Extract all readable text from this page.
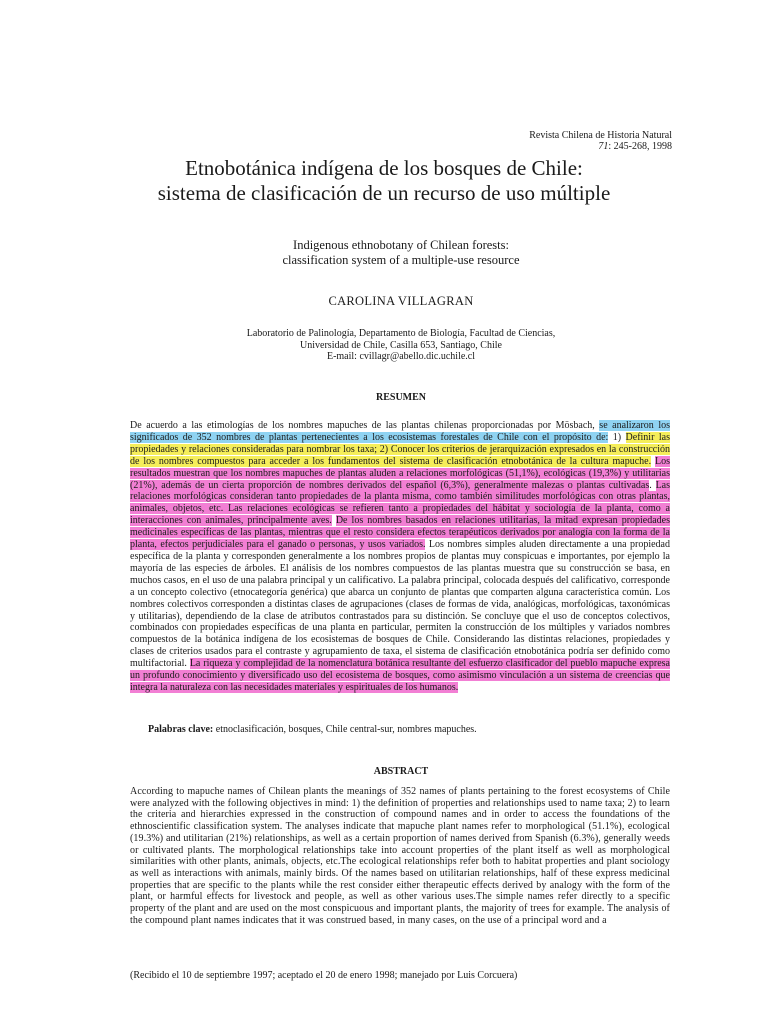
Revista Chilena de Historia Natural
71: 245-268, 1998
Etnobotánica indígena de los bosques de Chile:
sistema de clasificación de un recurso de uso múltiple
Indigenous ethnobotany of Chilean forests:
classification system of a multiple-use resource
CAROLINA VILLAGRAN
Laboratorio de Palinología, Departamento de Biología, Facultad de Ciencias,
Universidad de Chile, Casilla 653, Santiago, Chile
E-mail: cvillagr@abello.dic.uchile.cl
RESUMEN
De acuerdo a las etimologías de los nombres mapuches de las plantas chilenas proporcionadas por Mösbach, se analizaron los significados de 352 nombres de plantas pertenecientes a los ecosistemas forestales de Chile con el propósito de: 1) Definir las propiedades y relaciones consideradas para nombrar los taxa; 2) Conocer los criterios de jerarquización expresados en la construcción de los nombres compuestos para acceder a los fundamentos del sistema de clasificación etnobotánica de la cultura mapuche. Los resultados muestran que los nombres mapuches de plantas aluden a relaciones morfológicas (51,1%), ecológicas (19,3%) y utilitarias (21%), además de un cierta proporción de nombres derivados del español (6,3%), generalmente malezas o plantas cultivadas. Las relaciones morfológicas consideran tanto propiedades de la planta misma, como también similitudes morfológicas con otras plantas, animales, objetos, etc. Las relaciones ecológicas se refieren tanto a propiedades del hábitat y sociología de la planta, como a interacciones con animales, principalmente aves. De los nombres basados en relaciones utilitarias, la mitad expresan propiedades medicinales específicas de las plantas, mientras que el resto considera efectos terapéuticos derivados por analogía con la forma de la planta, efectos perjudiciales para el ganado o personas, y usos variados. Los nombres simples aluden directamente a una propiedad específica de la planta y corresponden generalmente a los nombres propios de plantas muy conspicuas e importantes, por ejemplo la mayoría de las especies de árboles. El análisis de los nombres compuestos de las plantas muestra que su construcción se basa, en muchos casos, en el uso de una palabra principal y un calificativo. La palabra principal, colocada después del calificativo, corresponde a un concepto colectivo (etnocategoría genérica) que abarca un conjunto de plantas que comparten alguna característica común. Los nombres colectivos corresponden a distintas clases de agrupaciones (clases de formas de vida, analógicas, morfológicas, taxonómicas y utilitarias), dependiendo de la clase de atributos contrastados para su distinción. Se concluye que el uso de conceptos colectivos, combinados con propiedades específicas de una planta en particular, permiten la construcción de los múltiples y variados nombres compuestos de la botánica indígena de los ecosistemas de bosques de Chile. Considerando las distintas relaciones, propiedades y clases de criterios usados para el contraste y agrupamiento de taxa, el sistema de clasificación etnobotánica podría ser definido como multifactorial. La riqueza y complejidad de la nomenclatura botánica resultante del esfuerzo clasificador del pueblo mapuche expresa un profundo conocimiento y diversificado uso del ecosistema de bosques, como asimismo vinculación a un sistema de creencias que integra la naturaleza con las necesidades materiales y espirituales de los humanos.
Palabras clave: etnoclasificación, bosques, Chile central-sur, nombres mapuches.
ABSTRACT
According to mapuche names of Chilean plants the meanings of 352 names of plants pertaining to the forest ecosystems of Chile were analyzed with the following objectives in mind: 1) the definition of properties and relationships used to name taxa; 2) to learn the criteria and hierarchies expressed in the construction of compound names and in order to access the foundations of the ethnoscientific classification system. The analyses indicate that mapuche plant names refer to morphological (51.1%), ecological (19.3%) and utilitarian (21%) relationships, as well as a certain proportion of names derived from Spanish (6.3%), generally weeds or cultivated plants. The morphological relationships take into account properties of the plant itself as well as morphological similarities with other plants, animals, objects, etc.The ecological relationships refer both to habitat properties and plant sociology as well as interactions with animals, mainly birds. Of the names based on utilitarian relationships, half of these express medicinal properties that are specific to the plants while the rest consider either therapeutic effects derived by analogy with the form of the plant, or harmful effects for livestock and people, as well as other various uses.The simple names refer directly to a specific property of the plant and are used on the most conspicuous and important plants, the majority of trees for example. The analysis of the compound plant names indicates that it was construed based, in many cases, on the use of a principal word and a
(Recibido el 10 de septiembre 1997; aceptado el 20 de enero 1998; manejado por Luis Corcuera)
